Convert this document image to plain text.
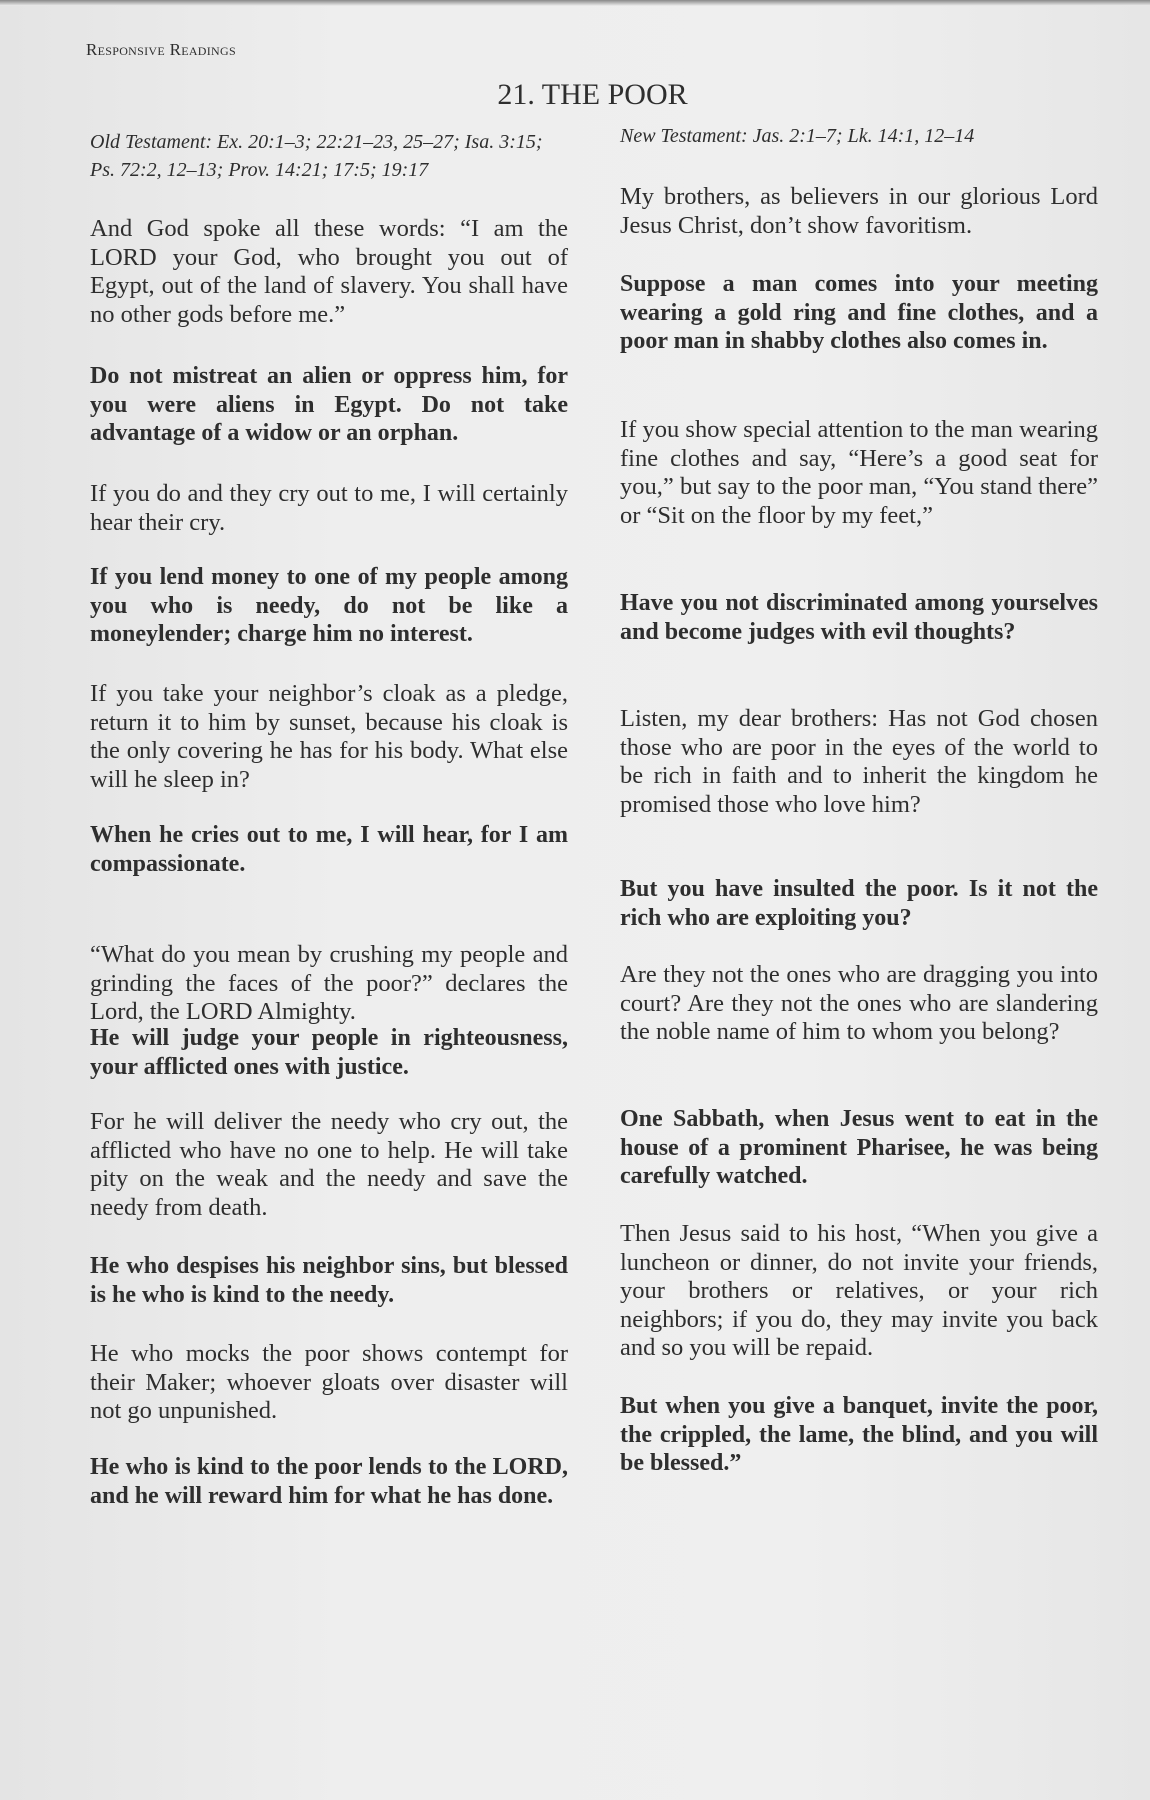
Responsive Readings
21. THE POOR
Old Testament: Ex. 20:1–3; 22:21–23, 25–27; Isa. 3:15; Ps. 72:2, 12–13; Prov. 14:21; 17:5; 19:17

And God spoke all these words: “I am the LORD your God, who brought you out of Egypt, out of the land of slavery. You shall have no other gods before me.”

Do not mistreat an alien or oppress him, for you were aliens in Egypt. Do not take advantage of a widow or an orphan.

If you do and they cry out to me, I will certainly hear their cry.

If you lend money to one of my people among you who is needy, do not be like a moneylender; charge him no interest.

If you take your neighbor’s cloak as a pledge, return it to him by sunset, because his cloak is the only covering he has for his body. What else will he sleep in?

When he cries out to me, I will hear, for I am compassionate.

“What do you mean by crushing my people and grinding the faces of the poor?” declares the Lord, the LORD Almighty.

He will judge your people in righteousness, your afflicted ones with justice.

For he will deliver the needy who cry out, the afflicted who have no one to help. He will take pity on the weak and the needy and save the needy from death.

He who despises his neighbor sins, but blessed is he who is kind to the needy.

He who mocks the poor shows contempt for their Maker; whoever gloats over disaster will not go unpunished.

He who is kind to the poor lends to the LORD, and he will reward him for what he has done.

New Testament: Jas. 2:1–7; Lk. 14:1, 12–14

My brothers, as believers in our glorious Lord Jesus Christ, don’t show favoritism.

Suppose a man comes into your meeting wearing a gold ring and fine clothes, and a poor man in shabby clothes also comes in.

If you show special attention to the man wearing fine clothes and say, “Here’s a good seat for you,” but say to the poor man, “You stand there” or “Sit on the floor by my feet,”

Have you not discriminated among yourselves and become judges with evil thoughts?

Listen, my dear brothers: Has not God chosen those who are poor in the eyes of the world to be rich in faith and to inherit the kingdom he promised those who love him?

But you have insulted the poor. Is it not the rich who are exploiting you?

Are they not the ones who are dragging you into court? Are they not the ones who are slandering the noble name of him to whom you belong?

One Sabbath, when Jesus went to eat in the house of a prominent Pharisee, he was being carefully watched.

Then Jesus said to his host, “When you give a luncheon or dinner, do not invite your friends, your brothers or relatives, or your rich neighbors; if you do, they may invite you back and so you will be repaid.

But when you give a banquet, invite the poor, the crippled, the lame, the blind, and you will be blessed.”
